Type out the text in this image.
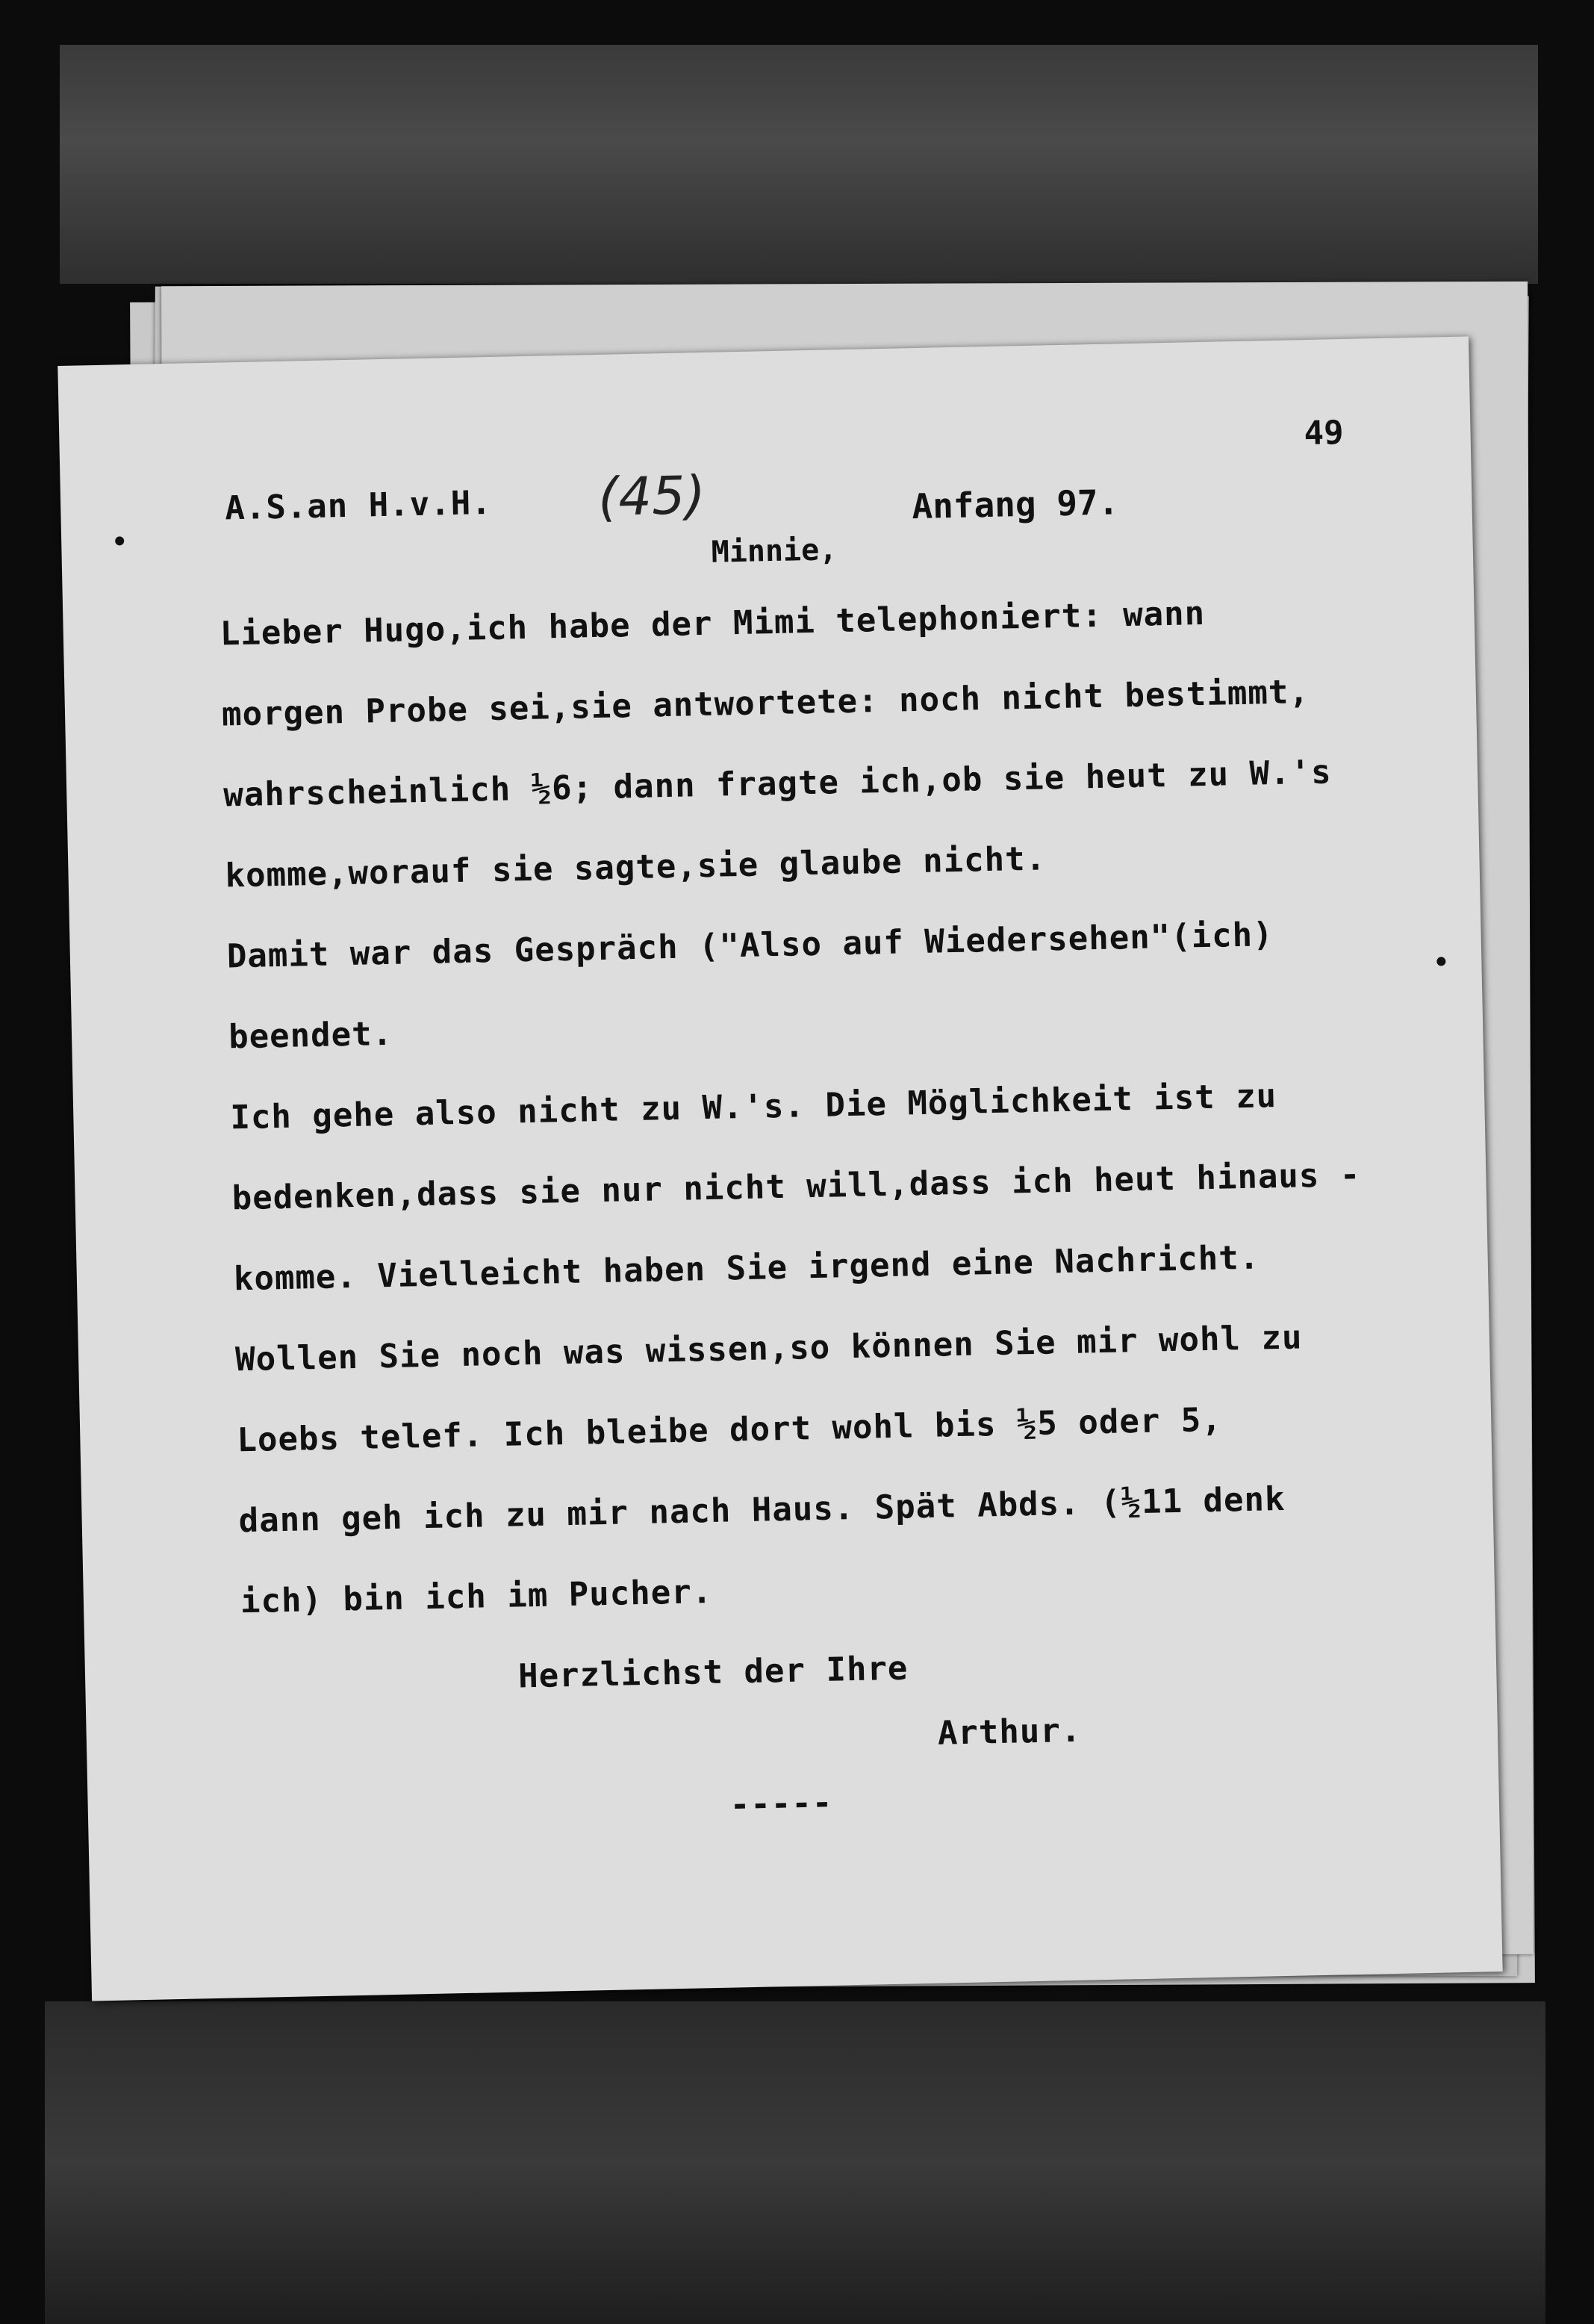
49
A.S.an H.v.H. (45)	Anfang 97.
Minnie,
Lieber Hugo,ich habe der Mimi telephoniert: wann
morgen Probe sei,sie antwortete: noch nicht bestimmt,
wahrscheinlich ½6; dann fragte ich,ob sie heut zu W.'s
komme,worauf sie sagte,sie glaube nicht.
Damit war das Gespräch ("Also auf Wiedersehen"(ich)
beendet.
Ich gehe also nicht zu W.'s. Die Möglichkeit ist zu
bedenken,dass sie nur nicht will,dass ich heut hinaus -
komme. Vielleicht haben Sie irgend eine Nachricht.
Wollen Sie noch was wissen,so können Sie mir wohl zu
Loebs telef. Ich bleibe dort wohl bis ½5 oder 5,
dann geh ich zu mir nach Haus. Spät Abds. (½11 denk
ich) bin ich im Pucher.
Herzlichst der Ihre
Arthur.
-----
